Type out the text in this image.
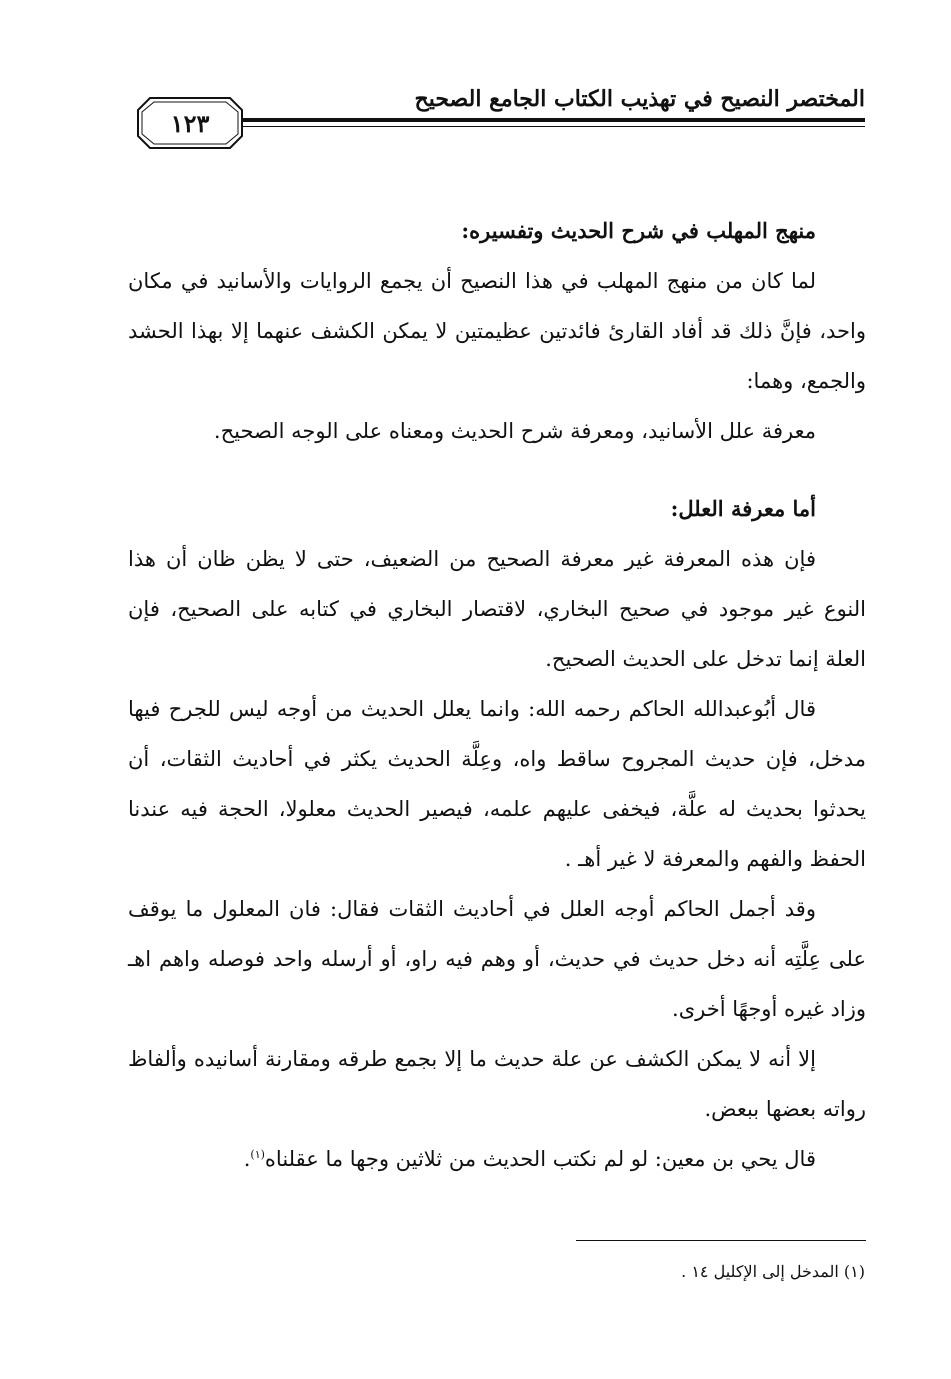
المختصر النصيح في تهذيب الكتاب الجامع الصحيح
١٢٣

منهج المهلب في شرح الحديث وتفسيره:

لما كان من منهج المهلب في هذا النصيح أن يجمع الروايات والأسانيد في مكان واحد، فإنَّ ذلك قد أفاد القارئ فائدتين عظيمتين لا يمكن الكشف عنهما إلا بهذا الحشد والجمع، وهما:

معرفة علل الأسانيد، ومعرفة شرح الحديث ومعناه على الوجه الصحيح.

أما معرفة العلل:

فإن هذه المعرفة غير معرفة الصحيح من الضعيف، حتى لا يظن ظان أن هذا النوع غير موجود في صحيح البخاري، لاقتصار البخاري في كتابه على الصحيح، فإن العلة إنما تدخل على الحديث الصحيح.

قال أبُوعبدالله الحاكم رحمه الله: وانما يعلل الحديث من أوجه ليس للجرح فيها مدخل، فإن حديث المجروح ساقط واه، وعِلَّة الحديث يكثر في أحاديث الثقات، أن يحدثوا بحديث له علَّة، فيخفى عليهم علمه، فيصير الحديث معلولا، الحجة فيه عندنا الحفظ والفهم والمعرفة لا غير أهـ .

وقد أجمل الحاكم أوجه العلل في أحاديث الثقات فقال: فان المعلول ما يوقف على عِلَّتِه أنه دخل حديث في حديث، أو وهم فيه راو، أو أرسله واحد فوصله واهم اهـ وزاد غيره أوجهًا أخرى.

إلا أنه لا يمكن الكشف عن علة حديث ما إلا بجمع طرقه ومقارنة أسانيده وألفاظ رواته بعضها ببعض.

قال يحي بن معين: لو لم نكتب الحديث من ثلاثين وجها ما عقلناه$^{(١)}$.

(١) المدخل إلى الإكليل ١٤ .
